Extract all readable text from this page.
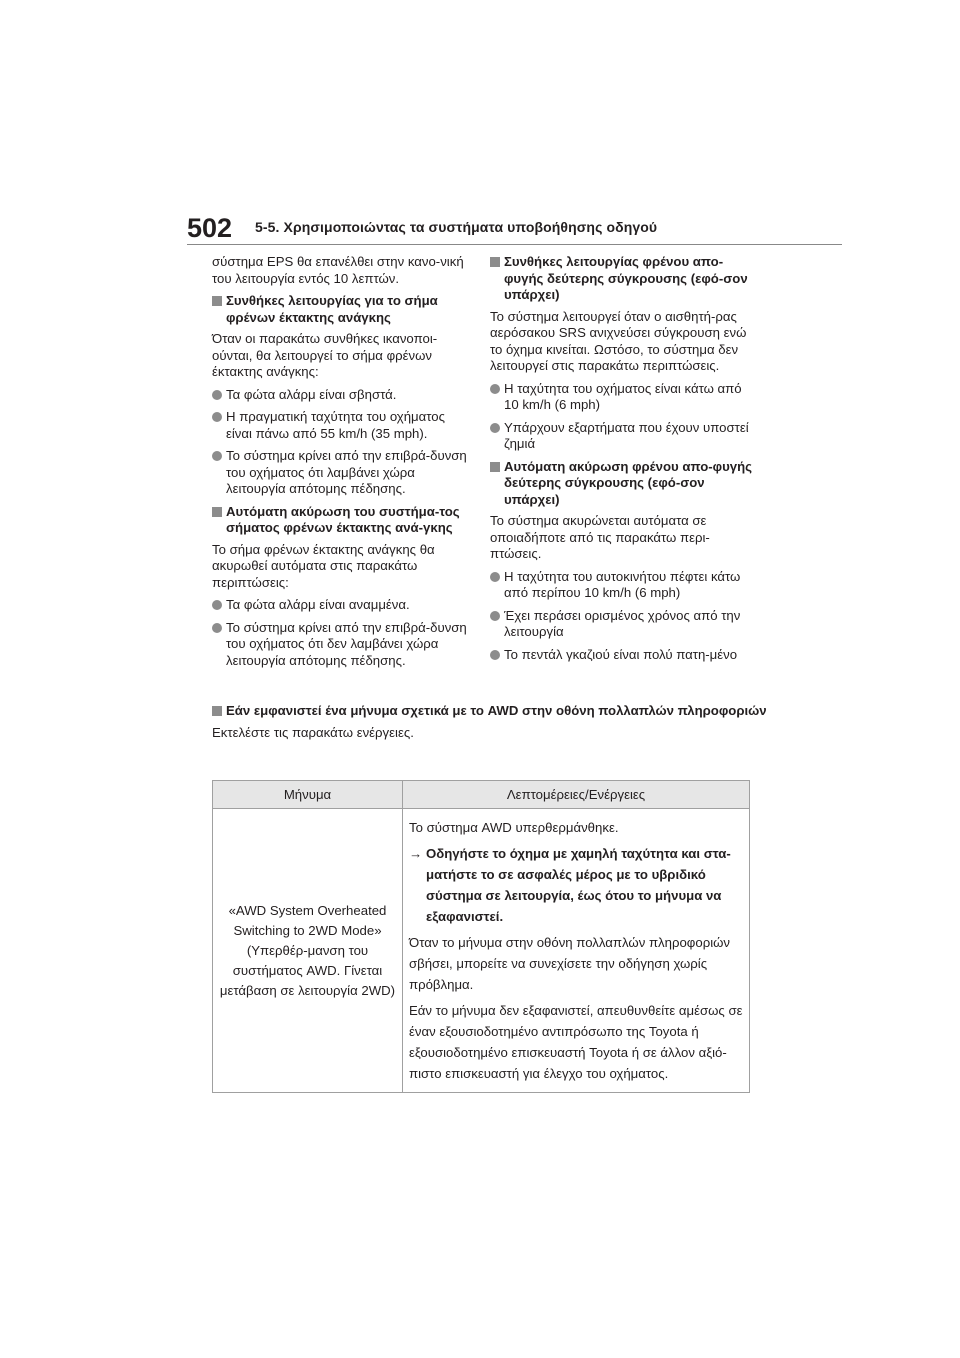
502 5-5. Χρησιμοποιώντας τα συστήματα υποβοήθησης οδηγού

σύστημα EPS θα επανέλθει στην κανο-νική του λειτουργία εντός 10 λεπτών.

Συνθήκες λειτουργίας για το σήμα φρένων έκτακτης ανάγκης

Όταν οι παρακάτω συνθήκες ικανοποι-ούνται, θα λειτουργεί το σήμα φρένων έκτακτης ανάγκης:

Τα φώτα αλάρμ είναι σβηστά.
Η πραγματική ταχύτητα του οχήματος είναι πάνω από 55 km/h (35 mph).
Το σύστημα κρίνει από την επιβρά-δυνση του οχήματος ότι λαμβάνει χώρα λειτουργία απότομης πέδησης.
Αυτόματη ακύρωση του συστήμα-τος σήματος φρένων έκτακτης ανά-γκης

Το σήμα φρένων έκτακτης ανάγκης θα ακυρωθεί αυτόματα στις παρακάτω περιπτώσεις:

Τα φώτα αλάρμ είναι αναμμένα.
Το σύστημα κρίνει από την επιβρά-δυνση του οχήματος ότι δεν λαμβάνει χώρα λειτουργία απότομης πέδησης.
Συνθήκες λειτουργίας φρένου απο-φυγής δεύτερης σύγκρουσης (εφό-σον υπάρχει)

Το σύστημα λειτουργεί όταν ο αισθητή-ρας αερόσακου SRS ανιχνεύσει σύγκρουση ενώ το όχημα κινείται. Ωστόσο, το σύστημα δεν λειτουργεί στις παρακάτω περιπτώσεις.

Η ταχύτητα του οχήματος είναι κάτω από 10 km/h (6 mph)
Υπάρχουν εξαρτήματα που έχουν υποστεί ζημιά
Αυτόματη ακύρωση φρένου απο-φυγής δεύτερης σύγκρουσης (εφό-σον υπάρχει)

Το σύστημα ακυρώνεται αυτόματα σε οποιαδήποτε από τις παρακάτω περι-πτώσεις.

Η ταχύτητα του αυτοκινήτου πέφτει κάτω από περίπου 10 km/h (6 mph)
Έχει περάσει ορισμένος χρόνος από την λειτουργία
Το πεντάλ γκαζιού είναι πολύ πατη-μένο
Εάν εμφανιστεί ένα μήνυμα σχετικά με το AWD στην οθόνη πολλαπλών πληροφοριών

Εκτελέστε τις παρακάτω ενέργειες.

Μήνυμα	Λεπτομέρειες/Ενέργειες
«AWD System Overheated Switching to 2WD Mode» (Υπερθέρ-μανση του συστήματος AWD. Γίνεται μετάβαση σε λειτουργία 2WD)	Το σύστημα AWD υπερθερμάνθηκε.
→ Οδηγήστε το όχημα με χαμηλή ταχύτητα και στα-ματήστε το σε ασφαλές μέρος με το υβριδικό σύστημα σε λειτουργία, έως ότου το μήνυμα να εξαφανιστεί.
Όταν το μήνυμα στην οθόνη πολλαπλών πληροφοριών σβήσει, μπορείτε να συνεχίσετε την οδήγηση χωρίς πρόβλημα.
Εάν το μήνυμα δεν εξαφανιστεί, απευθυνθείτε αμέσως σε έναν εξουσιοδοτημένο αντιπρόσωπο της Toyota ή εξουσιοδοτημένο επισκευαστή Toyota ή σε άλλον αξιό-πιστο επισκευαστή για έλεγχο του οχήματος.
